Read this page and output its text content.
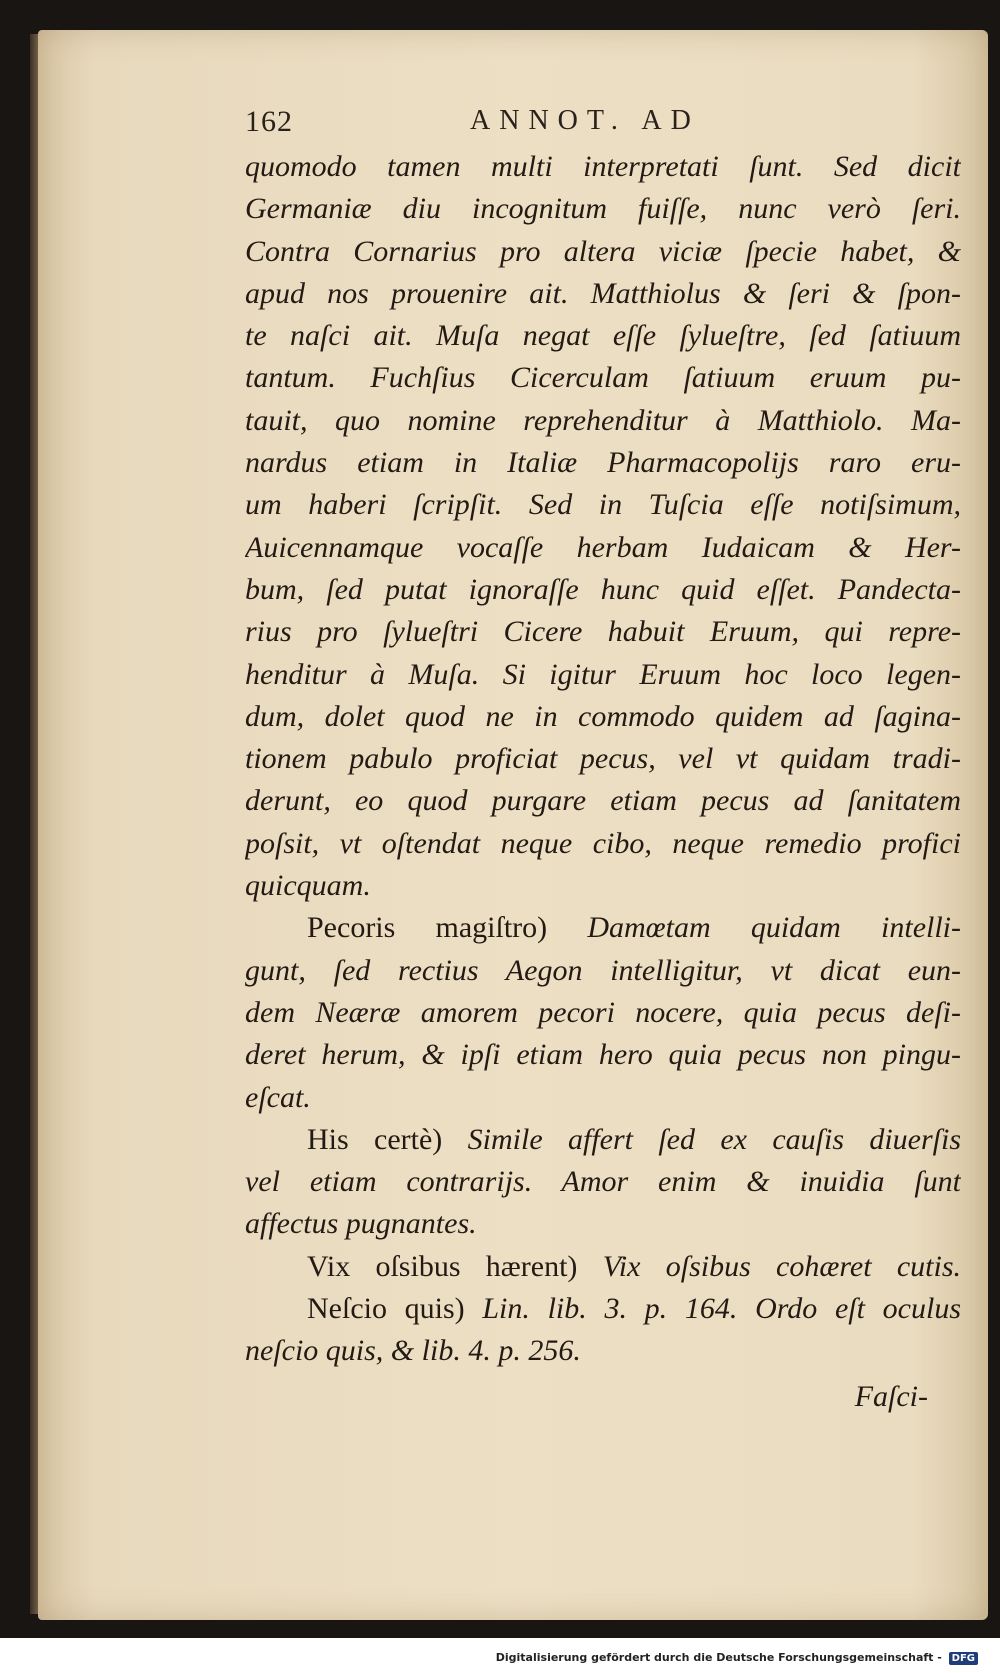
162	ANNOT. AD
quomodo tamen multi interpretati ſunt. Sed dicit
Germaniæ diu incognitum fuiſſe, nunc verò ſeri.
Contra Cornarius pro altera viciæ ſpecie habet, &
apud nos prouenire ait. Matthiolus & ſeri & ſpon-
te naſci ait. Muſa negat eſſe ſylueſtre, ſed ſatiuum
tantum. Fuchſius Cicerculam ſatiuum eruum pu-
tauit, quo nomine reprehenditur à Matthiolo. Ma-
nardus etiam in Italiæ Pharmacopolijs raro eru-
um haberi ſcripſit. Sed in Tuſcia eſſe notiſsimum,
Auicennamque vocaſſe herbam Iudaicam & Her-
bum, ſed putat ignoraſſe hunc quid eſſet. Pandecta-
rius pro ſylueſtri Cicere habuit Eruum, qui repre-
henditur à Muſa. Si igitur Eruum hoc loco legen-
dum, dolet quod ne in commodo quidem ad ſagina-
tionem pabulo proficiat pecus, vel vt quidam tradi-
derunt, eo quod purgare etiam pecus ad ſanitatem
poſsit, vt oſtendat neque cibo, neque remedio profici
quicquam.
Pecoris magiſtro) Damœtam quidam intelli-
gunt, ſed rectius Aegon intelligitur, vt dicat eun-
dem Neæræ amorem pecori nocere, quia pecus deſi-
deret herum, & ipſi etiam hero quia pecus non pingu-
eſcat.
His certè) Simile affert ſed ex cauſis diuerſis
vel etiam contrarijs. Amor enim & inuidia ſunt
affectus pugnantes.
Vix oſsibus hærent) Vix oſsibus cohæret cutis.
Neſcio quis) Lin. lib. 3. p. 164. Ordo eſt oculus
neſcio quis, & lib. 4. p. 256.
Faſci-
Digitalisierung gefördert durch die Deutsche Forschungsgemeinschaft - DFG
